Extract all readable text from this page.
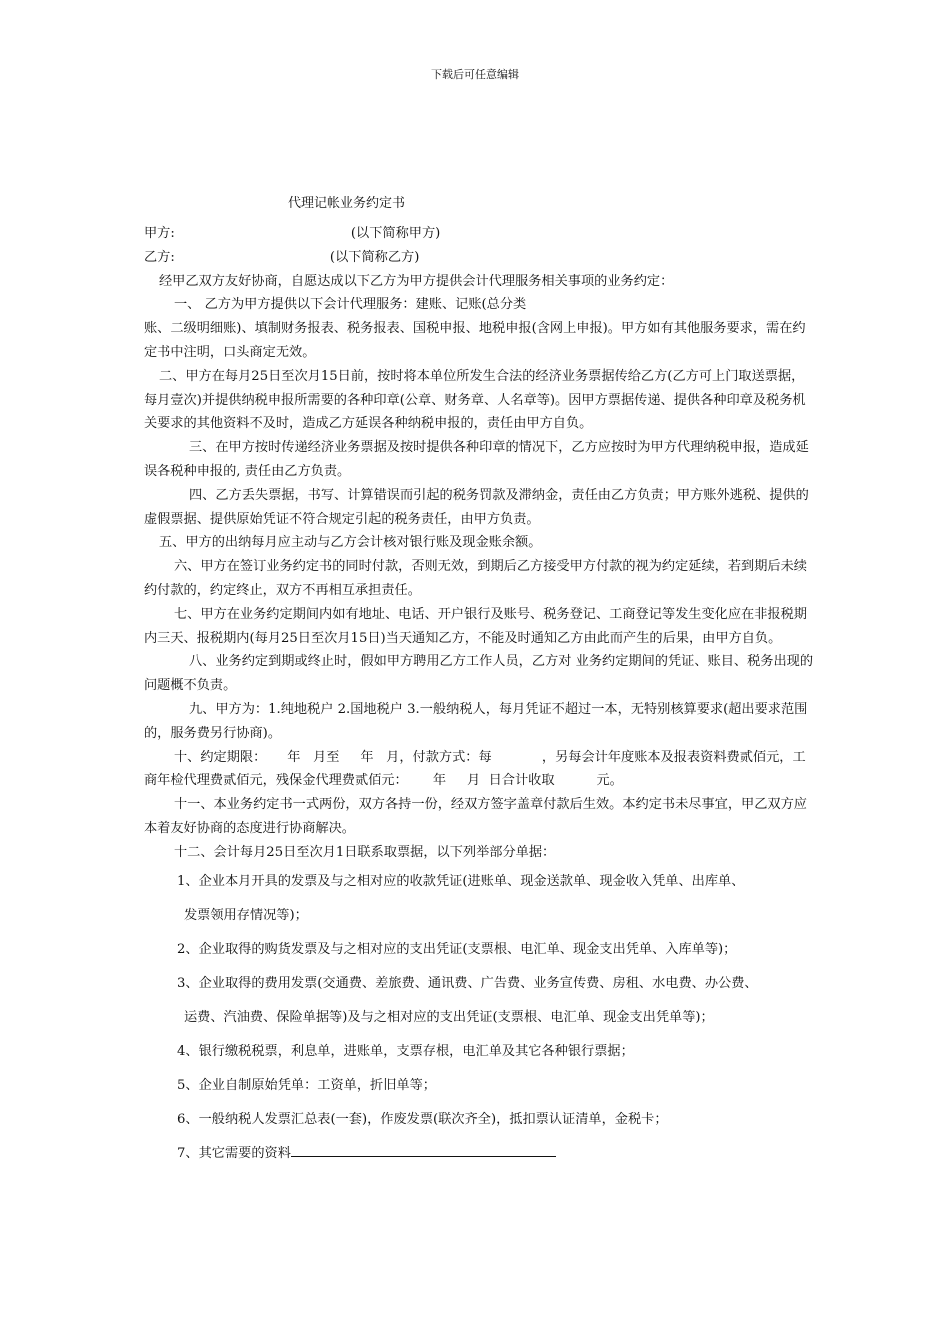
下载后可任意编辑
代理记帐业务约定书

甲方:                                          (以下简称甲方)

乙方:                                     (以下简称乙方)

经甲乙双方友好协商，自愿达成以下乙方为甲方提供会计代理服务相关事项的业务约定：

一、 乙方为甲方提供以下会计代理服务：建账、记账(总分类

账、二级明细账)、填制财务报表、税务报表、国税申报、地税申报(含网上申报)。甲方如有其他服务要求，需在约定书中注明，口头商定无效。

二、甲方在每月25日至次月15日前，按时将本单位所发生合法的经济业务票据传给乙方(乙方可上门取送票据，每月壹次)并提供纳税申报所需要的各种印章(公章、财务章、人名章等)。因甲方票据传递、提供各种印章及税务机关要求的其他资料不及时，造成乙方延误各种纳税申报的，责任由甲方自负。

三、在甲方按时传递经济业务票据及按时提供各种印章的情况下，乙方应按时为甲方代理纳税申报，造成延误各税种申报的, 责任由乙方负责。

四、乙方丢失票据，书写、计算错误而引起的税务罚款及滞纳金，责任由乙方负责；甲方账外逃税、提供的虚假票据、提供原始凭证不符合规定引起的税务责任，由甲方负责。

五、甲方的出纳每月应主动与乙方会计核对银行账及现金账余额。

六、甲方在签订业务约定书的同时付款，否则无效，到期后乙方接受甲方付款的视为约定延续，若到期后未续约付款的，约定终止，双方不再相互承担责任。

七、甲方在业务约定期间内如有地址、电话、开户银行及账号、税务登记、工商登记等发生变化应在非报税期内三天、报税期内(每月25日至次月15日)当天通知乙方，不能及时通知乙方由此而产生的后果，由甲方自负。

八、业务约定到期或终止时，假如甲方聘用乙方工作人员，乙方对 业务约定期间的凭证、账目、税务出现的问题概不负责。

九、甲方为：1.纯地税户 2.国地税户 3.一般纳税人，每月凭证不超过一本，无特别核算要求(超出要求范围的，服务费另行协商)。

十、约定期限：     年   月至     年   月，付款方式：每            ，另每会计年度账本及报表资料费贰佰元，工商年检代理费贰佰元，残保金代理费贰佰元：      年     月  日合计收取          元。

十一、本业务约定书一式两份，双方各持一份，经双方签字盖章付款后生效。本约定书未尽事宜，甲乙双方应本着友好协商的态度进行协商解决。

十二、会计每月25日至次月1日联系取票据，以下列举部分单据：

1、企业本月开具的发票及与之相对应的收款凭证(进账单、现金送款单、现金收入凭单、出库单、

发票领用存情况等)；

2、企业取得的购货发票及与之相对应的支出凭证(支票根、电汇单、现金支出凭单、入库单等)；

3、企业取得的费用发票(交通费、差旅费、通讯费、广告费、业务宣传费、房租、水电费、办公费、

运费、汽油费、保险单据等)及与之相对应的支出凭证(支票根、电汇单、现金支出凭单等)；

4、银行缴税税票，利息单，进账单，支票存根，电汇单及其它各种银行票据；

5、企业自制原始凭单：工资单，折旧单等；

6、一般纳税人发票汇总表(一套)，作废发票(联次齐全)，抵扣票认证清单，金税卡；

7、其它需要的资料
